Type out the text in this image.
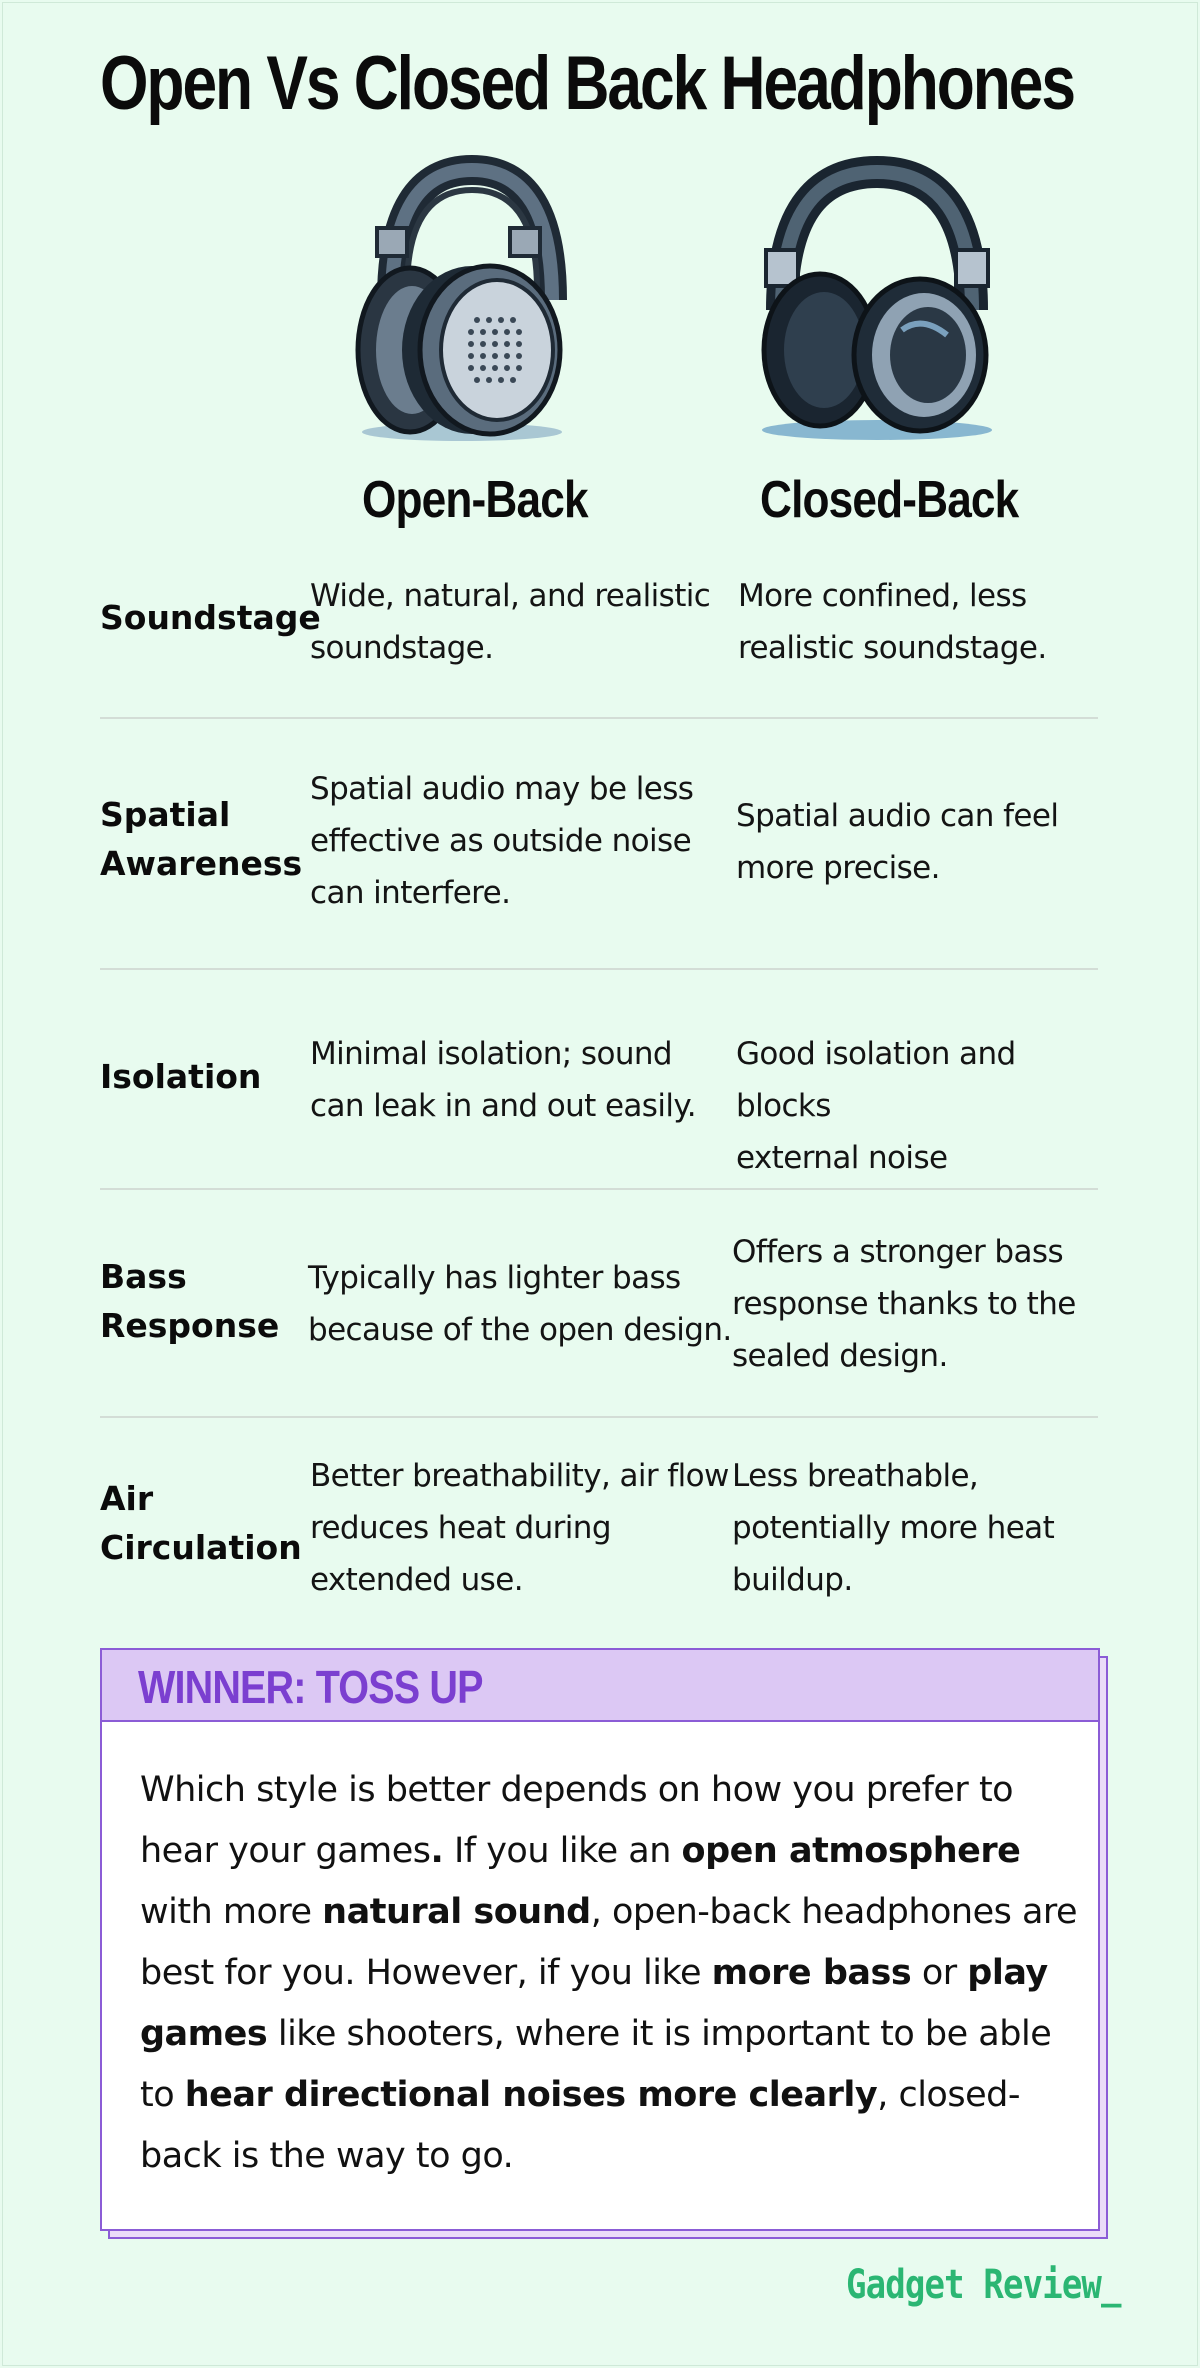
Open Vs Closed Back Headphones
Open-Back	Closed-Back
Soundstage
Wide, natural, and realistic
soundstage.
More confined, less
realistic soundstage.
Spatial
Awareness
Spatial audio may be less
effective as outside noise
can interfere.
Spatial audio can feel
more precise.
Isolation
Minimal isolation; sound
can leak in and out easily.
Good isolation and blocks
external noise
Bass
Response
Typically has lighter bass
because of the open design.
Offers a stronger bass
response thanks to the
sealed design.
Air
Circulation
Better breathability, air flow
reduces heat during
extended use.
Less breathable,
potentially more heat
buildup.
WINNER: TOSS UP
Which style is better depends on how you prefer to hear your games. If you like an open atmosphere with more natural sound, open-back headphones are best for you. However, if you like more bass or play games like shooters, where it is important to be able to hear directional noises more clearly, closed-back is the way to go.
Gadget Review_
